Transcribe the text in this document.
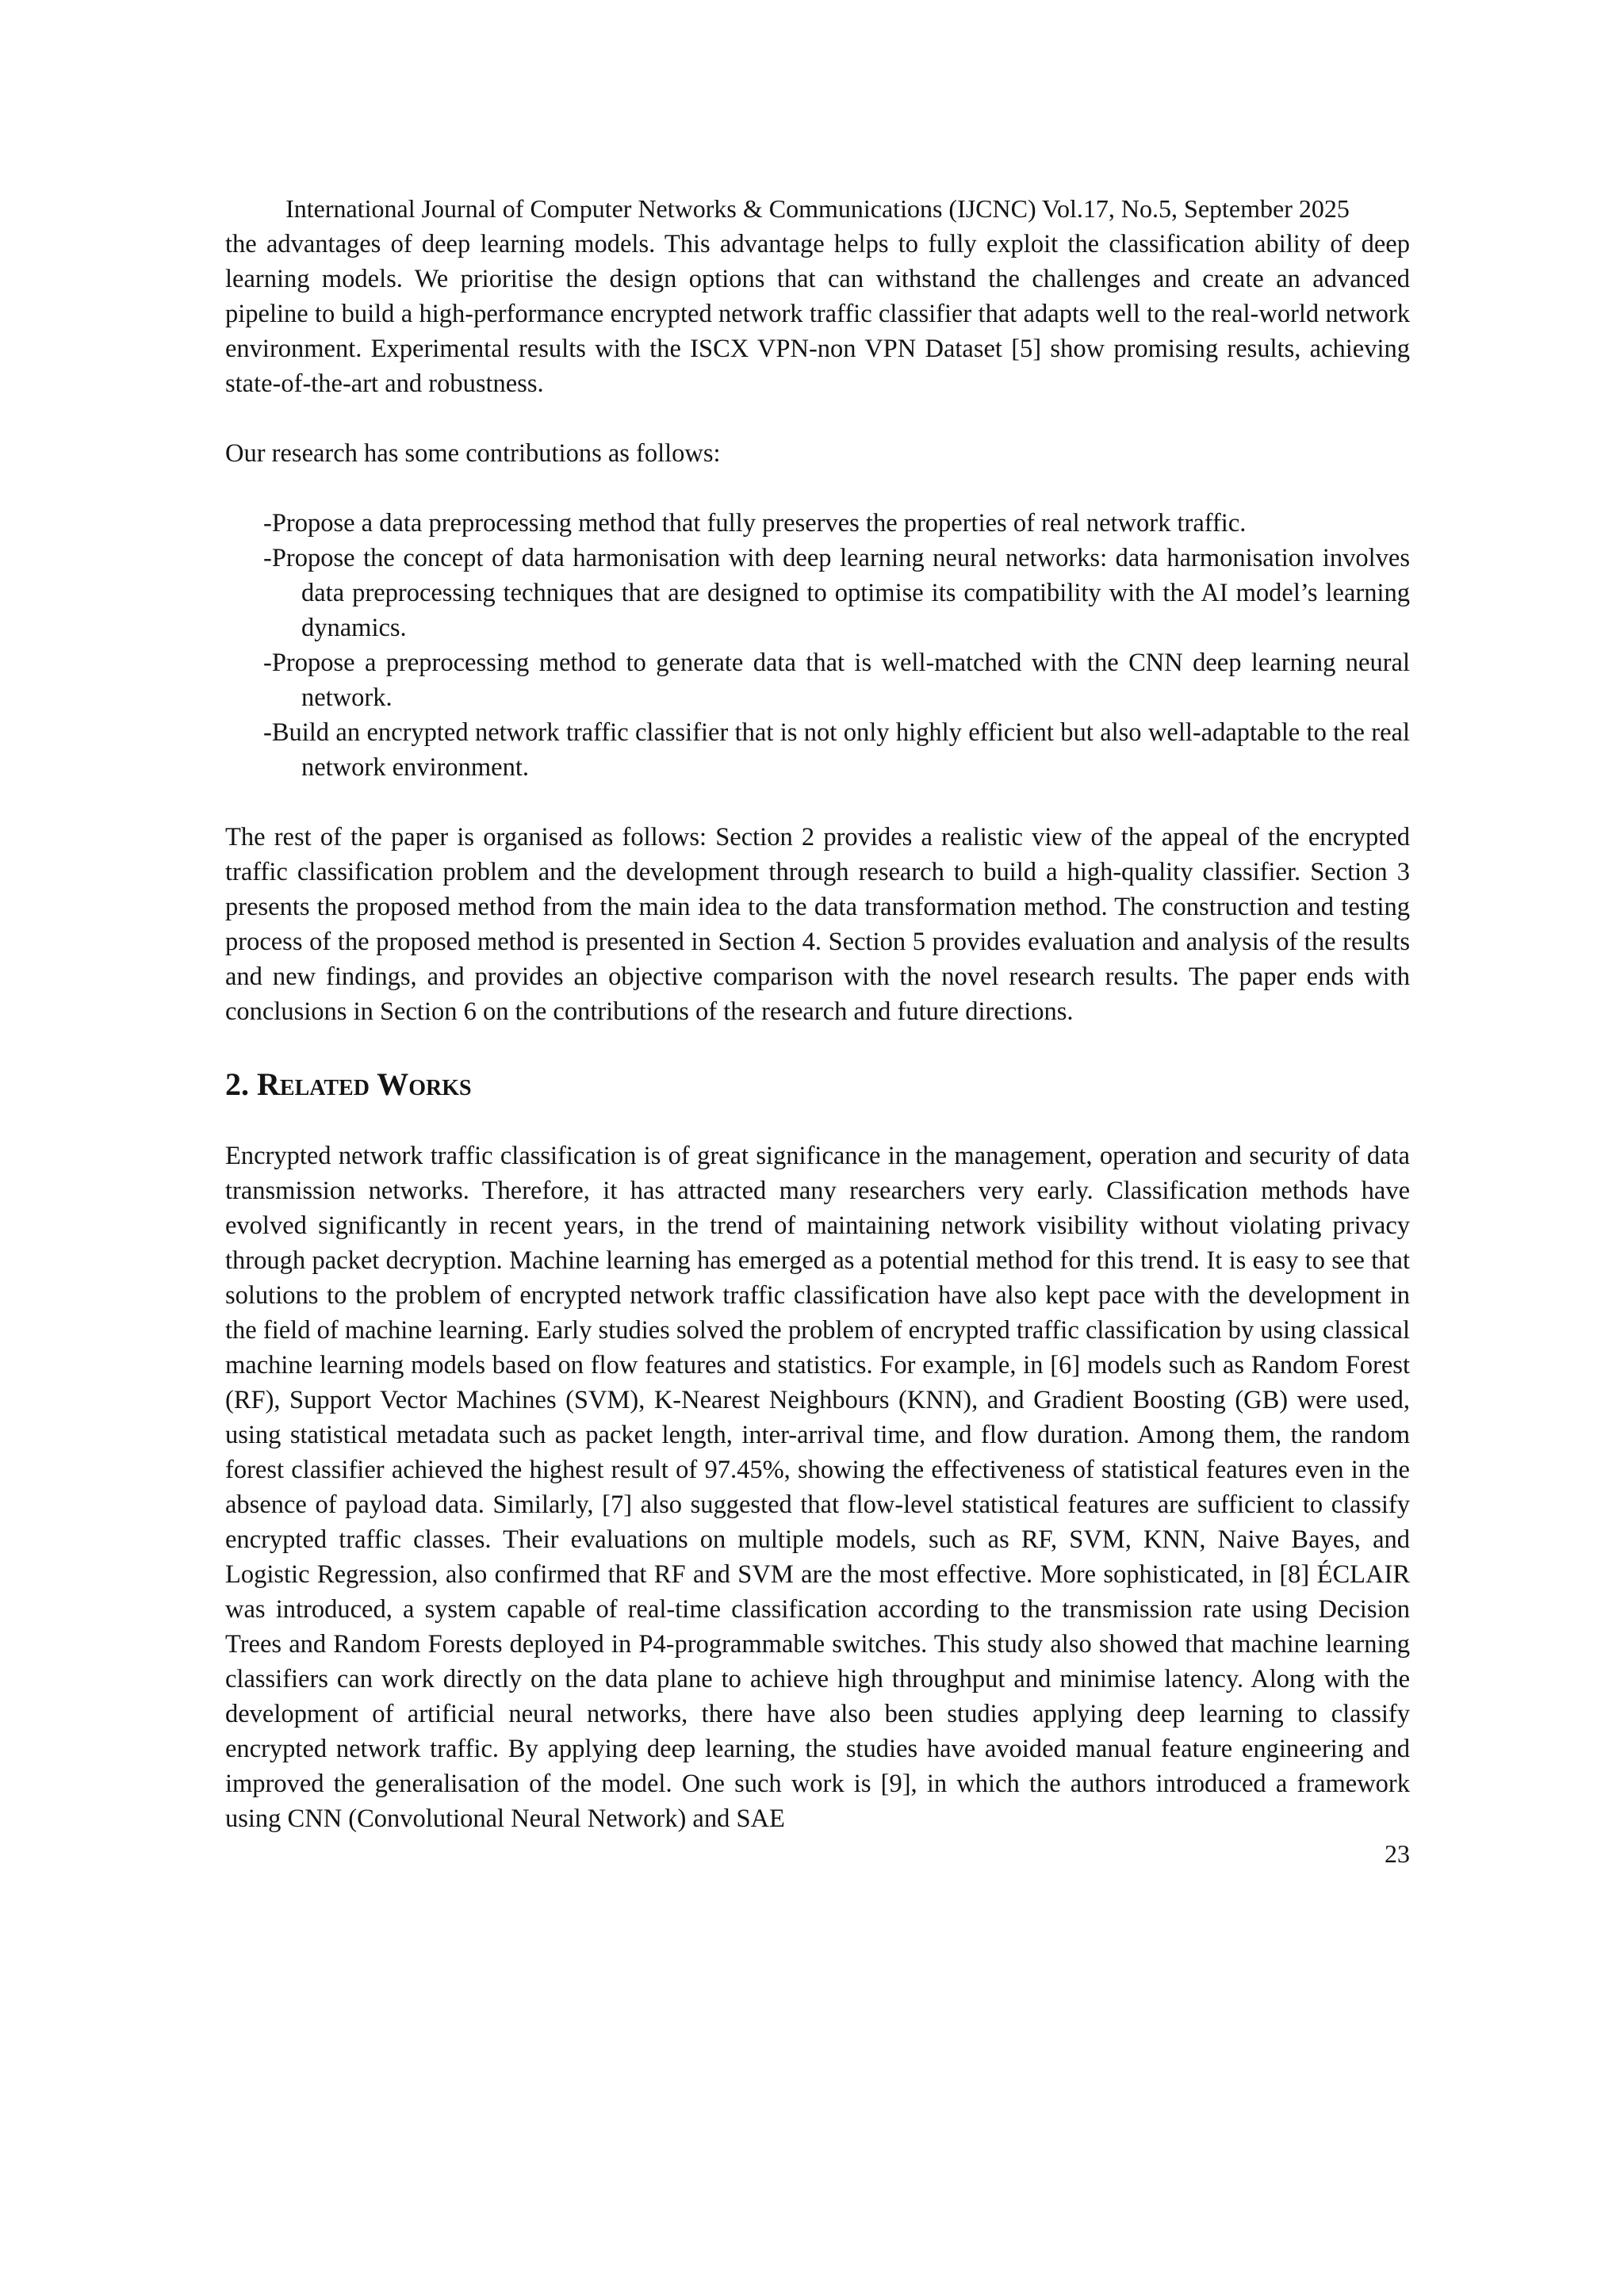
International Journal of Computer Networks & Communications (IJCNC) Vol.17, No.5, September 2025

the advantages of deep learning models. This advantage helps to fully exploit the classification ability of deep learning models. We prioritise the design options that can withstand the challenges and create an advanced pipeline to build a high-performance encrypted network traffic classifier that adapts well to the real-world network environment. Experimental results with the ISCX VPN-non VPN Dataset [5] show promising results, achieving state-of-the-art and robustness.

Our research has some contributions as follows:

-Propose a data preprocessing method that fully preserves the properties of real network traffic.
-Propose the concept of data harmonisation with deep learning neural networks: data harmonisation involves data preprocessing techniques that are designed to optimise its compatibility with the AI model’s learning dynamics.
-Propose a preprocessing method to generate data that is well-matched with the CNN deep learning neural network.
-Build an encrypted network traffic classifier that is not only highly efficient but also well-adaptable to the real network environment.

The rest of the paper is organised as follows: Section 2 provides a realistic view of the appeal of the encrypted traffic classification problem and the development through research to build a high-quality classifier. Section 3 presents the proposed method from the main idea to the data transformation method. The construction and testing process of the proposed method is presented in Section 4. Section 5 provides evaluation and analysis of the results and new findings, and provides an objective comparison with the novel research results. The paper ends with conclusions in Section 6 on the contributions of the research and future directions.

2. Related Works

Encrypted network traffic classification is of great significance in the management, operation and security of data transmission networks. Therefore, it has attracted many researchers very early. Classification methods have evolved significantly in recent years, in the trend of maintaining network visibility without violating privacy through packet decryption. Machine learning has emerged as a potential method for this trend. It is easy to see that solutions to the problem of encrypted network traffic classification have also kept pace with the development in the field of machine learning. Early studies solved the problem of encrypted traffic classification by using classical machine learning models based on flow features and statistics. For example, in [6] models such as Random Forest (RF), Support Vector Machines (SVM), K-Nearest Neighbours (KNN), and Gradient Boosting (GB) were used, using statistical metadata such as packet length, inter-arrival time, and flow duration. Among them, the random forest classifier achieved the highest result of 97.45%, showing the effectiveness of statistical features even in the absence of payload data. Similarly, [7] also suggested that flow-level statistical features are sufficient to classify encrypted traffic classes. Their evaluations on multiple models, such as RF, SVM, KNN, Naive Bayes, and Logistic Regression, also confirmed that RF and SVM are the most effective. More sophisticated, in [8] ÉCLAIR was introduced, a system capable of real-time classification according to the transmission rate using Decision Trees and Random Forests deployed in P4-programmable switches. This study also showed that machine learning classifiers can work directly on the data plane to achieve high throughput and minimise latency. Along with the development of artificial neural networks, there have also been studies applying deep learning to classify encrypted network traffic. By applying deep learning, the studies have avoided manual feature engineering and improved the generalisation of the model. One such work is [9], in which the authors introduced a framework using CNN (Convolutional Neural Network) and SAE

23
